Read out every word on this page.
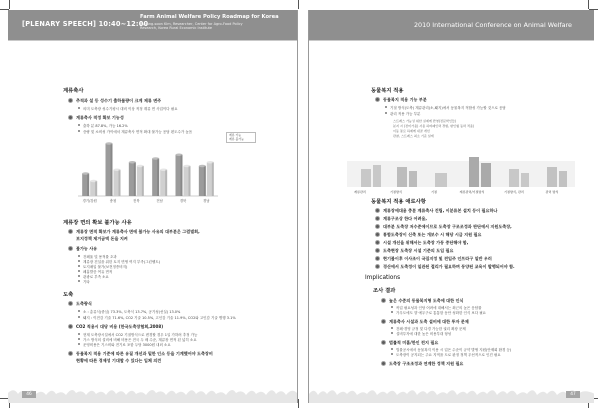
[PLENARY SPEECH] 10:40~12:00
Farm Animal Welfare Policy Roadmap for Korea
Byoung-soon Kim, Researcher, Center for Agro-Food Policy Research, Korea Rural Economic Institute
계류축사
추적과 설 등 성수기 출하물량이 크게 제류 변주
의미 도축장 성수기평시 대비 이상 적정 계류 면 사업이다 필요
계류축사 적정 확보 기능성
출하 분 87.8%, 가능 16.2%
증량 및 소비성 가이에서 계류축사 면적 확대 불가능 응답 편도수가 높음
경기/강원	충청	전북	전남	경북	경남
계류 가능
계류 불가능
계류장 면의 확보 불가능 사유
계류장 면적 확보가 계류축사 면에 불가능 사유의 대부분은 그럼벌회,
보지정책 제거금액 돈을 지켜
불가능 사유
건폐율 및 용적률 초과
계류장 건설을 위한 토지 면생 여지 부족(그린벨트)
토지매입 불가(보전정종비지)
폐흡발증 여유 면적
관광로 부족 소요
기타
도축
도축량식
소 : 총류식(중심) 73.3%, 도축식 13.7%, 공기성(선실) 13.0%
돼지 : 이전감 기술 71.6%, CO2 기술 10.5%, 고인감 기술 11.9%, CO2와 고인감 기술 병행 3.1%
CO2 적용시 대당 비용 (한국도축장협회,2008)
현재 도축장시설에서 CO2 기절방식으로 변경할 경우 1일 가하려 추정 가능
가스 방식의 설비에 비해 비용은 전국 두 배 수준, 계류장 면적 된 넓히 소요
운영비용은 기스비와 전기료 포함 두당 3000원 내외 소요
동물복지 적용 기준에 따른 유질 개선과 밀한 인소 등을 기계했어야 도축장비
현황에 따른 경제성 기대할 수 있다는 입체 의견
46
2010 International Conference on Animal Welfare
동물복지 적용
동물복지 적용 기능 부분
기절 방식(도축) 계류관리(소,돼지)에서 동물복지 적합성 가능할 것으로 응답
관리 적용 가능 부분
스트레스 가능성 위한 실제에 반영(전문학인들)
분지 시 (전미가용) 사용 하며폐인력 경험, 환인형 동력 적용)
이동 통로 하제에 내골 개선
관찰, 스트레스 최소 기준 설계
계류관리	기절방식	기절	계류관리/기절방식	기절방식, 관리	관리 방식
동물복지 적용 애로사항
계류장에대용 충분 계류축사 건립, 이분류본 설치 등이 필요하나
계류구조상 한다 어려움,
대부분 도축장 저수준에이므로 도축장 구조조정과 판단에서 지원도축장,
통합도축장이 신축 또는 개보수 시 해당 시급 지원 필요
시설 개선을 위해서는 도축장 가동 중단해야 함,
도축현장 도축장 시설 기준의 도입 필요
현기불이후 이사조이 국집지정 및 전입주 인프라구 일반 우러
경산에서 도축정이 일관된 절리가 필요하며 동양된 교육이 발행되어야 함.
Implications
조사 결과
높은 수준의 동물복지형 도축에 대한 인식
작업 필요성과 인당 어려에 대해서는 최근의 높은 응답률
가우도에도 향 예우구로 통통함 동안 성화한 인식 보다 필요
계류축사 시설과 도축 설비에 대한 투자 문제
건폐·경영 규정 및 다경 가능한 권리 확장 문제
설비투자에 대한 높은 비용부대 형성
법률적 미흡/한인 전지 필요
법률공시에서 동물복지 이용 시 업은 수준이 규약 발생 지원(안제회 환경 등)
도축장이 공지되는 주요 지역을 도로 판정 정책 우선적으로 인건 필요
도축장 구조조정과 연계한 정책 지원 필요
47
